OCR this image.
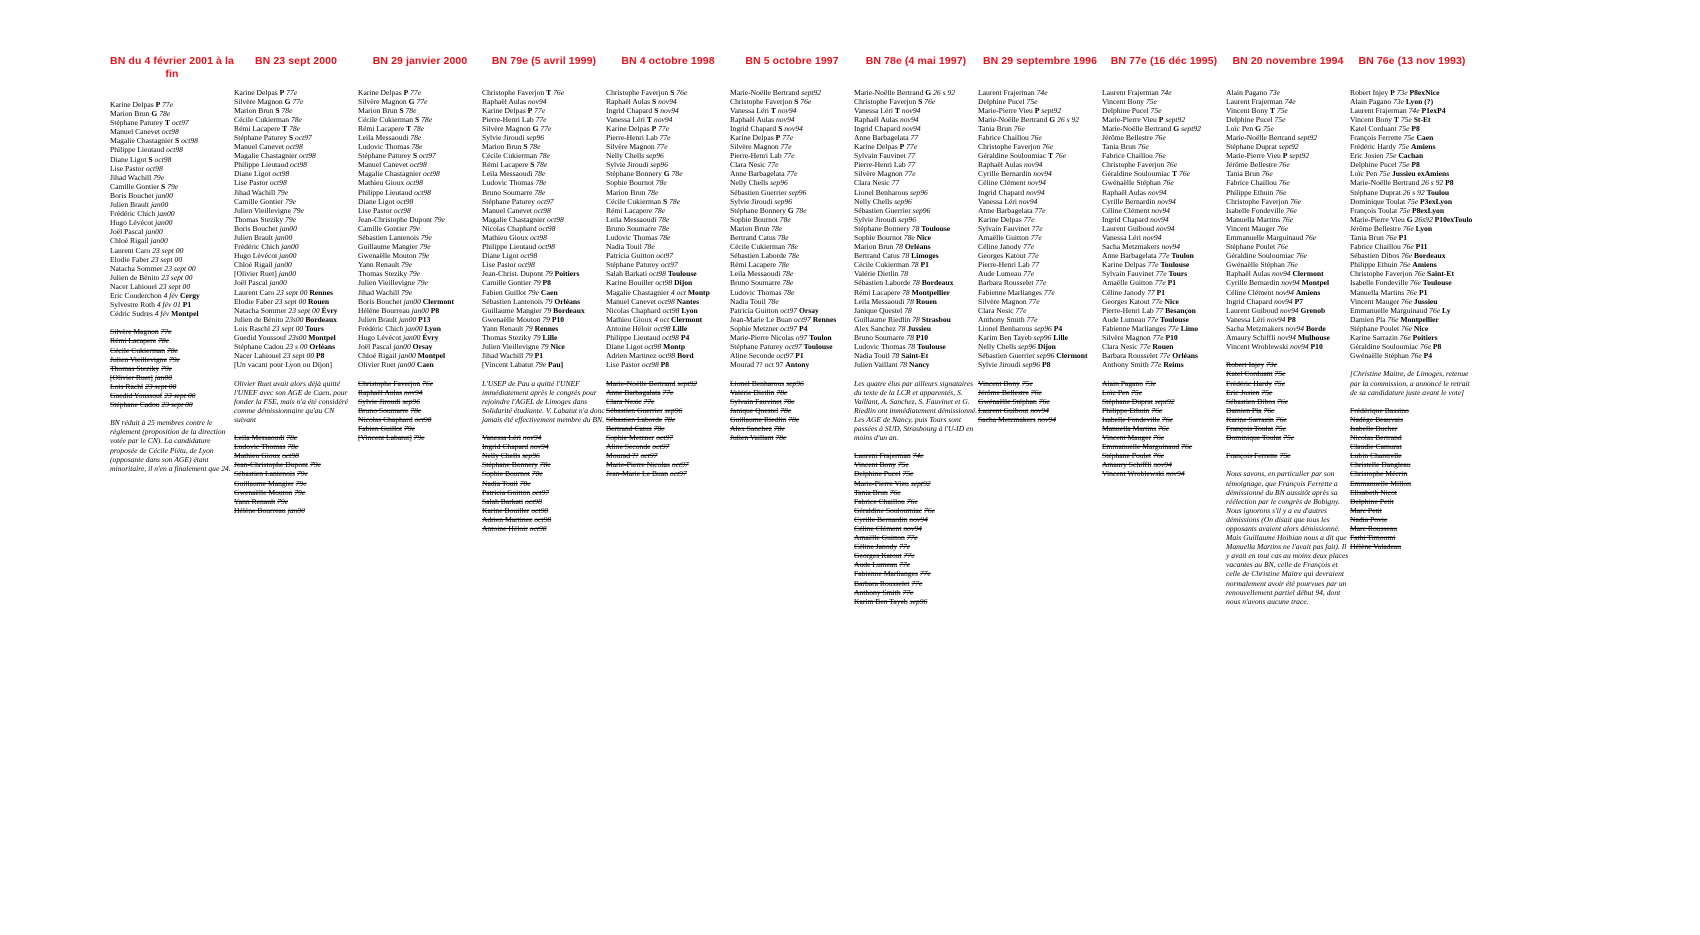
BN du 4 février 2001 à la fin
Karine Delpas P 77e
Marion Brun G 78e
Stéphane Paturey T oct97
Manuel Canevet oct98
Magalie Chastagnier S oct98
Philippe Lieutaud oct98
Diane Ligot S oct98
Lise Pastor oct98
Jihad Wachill 79e
Camille Gontier S 79e
Boris Bouchet jan00
Julien Brault jan00
Frédéric Chich jan00
Hugo Lévécot jan00
Joël Pascal jan00
Chloé Rigail jan00
Laurent Caro 23 sept 00
Elodie Faber 23 sept 00
Natacha Sommer 23 sept 00
Julien de Bénito 23 sept 00
Nacer Lahiouel 23 sept 00
Eric Couderchon 4 fév Cergy
Sylvestre Roth 4 fév 01 P1
Cédric Sudres 4 fév Montpel
Silvère Magnon 77e
Rémi Lacapere 78e
Cécile Cukierman 78e
Julien Vieillevigne 79e
Thomas Steziky 79e
[Olivier Ruet] jan00
Lois Rachl 23 sept 00
Guedid Youssouf 23 sept 00
Stéphane Cadou 23 sept 00
BN réduit à 25 membres contre le règlement (proposition de la direction votée par le CN). La candidature proposée de Cécile Piétu, de Lyon (opposante dans son AGE) étant minoritaire, il n'en a finalement que 24.
BN 23 sept 2000
Karine Delpas P 77e
Silvère Magnon G 77e
Marion Brun S 78e
Cécile Cukierman 78e
Rémi Lacapere T 78e
Stéphane Paturey S oct97
Manuel Canevet oct98
Magalie Chastagnier oct98
Philippe Lieutaud oct98
Diane Ligot oct98
Lise Pastor oct98
Jihad Wachill 79e
Camille Gontier 79e
Julien Vieillevigne 79e
Thomas Steziky 79e
Boris Bouchet jan00
Julien Brault jan00
Frédéric Chich jan00
Hugo Lévécot jan00
Chloé Rigail jan00
[Olivier Ruet] jan00
Joël Pascal jan00
Laurent Caro 23 sept 00 Rennes
Elodie Faber 23 sept 00 Rouen
Natacha Sommer 23 sept 00 Évry
Julien de Bénito 23s00 Bordeaux
Lois Raschl 23 sept 00 Tours
Guedid Youssouf 23s00 Montpel
Stéphane Cadou 23 s 00 Orléans
Nacer Lahiouel 23 sept 00 P8
[Un vacant pour Lyon ou Dijon]
Olivier Ruet avait alors déjà quitté l'UNEF avec son AGE de Caen, pour fonder la FSE, mais n'a été considéré comme démissionnaire qu'au CN suivant
Leila Messaoudi 78e
Ludovic Thomas 78e
Mathieu Gioux oct98
Jean-Christophe Dupont 79e
Sébastien Lantenois 79e
Guillaume Mangier 79e
Gwenaëlle Mouton 79e
Yann Renault 79e
Hélène Bourreau jan00
BN 29 janvier 2000
Karine Delpas P 77e
Silvère Magnon G 77e
Marion Brun S 78e
Cécile Cukierman S 78e
Rémi Lacapere T 78e
Leila Messaoudi 78e
Ludovic Thomas 78e
Stéphane Paturey S oct97
Manuel Canevet oct98
Magalie Chastagnier oct98
Mathieu Gioux oct98
Philippe Lieutaud oct98
Diane Ligot oct98
Lise Pastor oct98
Jean-Christophe Dupont 79e
Camille Gontier 79e
Sébastien Lantenois 79e
Guillaume Mangier 79e
Gwenaëlle Mouton 79e
Yann Renault 79e
Thomas Steziky 79e
Julien Vieillevigne 79e
Jihad Wachill 79e
Boris Bouchet jan00 Clermont
Hélène Bourreau jan00 P8
Julien Brault jan00 P13
Frédéric Chich jan00 Lyon
Hugo Lévécot jan00 Évry
Joël Pascal jan00 Orsay
Chloé Rigail jan00 Montpel
Olivier Ruet jan00 Caen
Christophe Faverjon 76e
Raphaël Aulas nov94
Sylvie Jiroudi sep96
Bruno Soumarre 78e
Nicolas Chaphard oct98
Fabien Guillot 79e
[Vincent Labatut] 79e
BN 79e (5 avril 1999)
Christophe Faverjon T 76e
Raphaël Aulas nov94
Karine Delpas P 77e
Pierre-Henri Lab 77e
Silvère Magnon G 77e
Sylvie Jiroudi sep96
Marion Brun S 78e
Cécile Cukierman 78e
Rémi Lacapere S 78e
Leila Messaoudi 78e
Ludovic Thomas 78e
Bruno Soumarre 78e
Stéphane Paturey oct97
Manuel Canevet oct98
Magalie Chastagnier oct98
Nicolas Chaphard oct98
Mathieu Gioux oct98
Philippe Lieutaud oct98
Diane Ligot oct98
Lise Pastor oct98
Jean-Christ. Dupont 79 Poitiers
Camille Gontier 79 P8
Fabien Guillot 79e Caen
Sébastien Lantenois 79 Orléans
Guillaume Mangier 79 Bordeaux
Gwenaëlle Mouton 79 P10
Yann Renault 79 Rennes
Thomas Steziky 79 Lille
Julien Vieillevigne 79 Nice
Jihad Wachill 79 P1
[Vincent Labatut 79e Pau]
L'USEP de Pau a quitté l'UNEF immédiatement après le congrès pour rejoindre l'AGEL de Limoges dans Solidarité étudiante. V. Labatut n'a donc jamais été effectivement membre du BN.
Vanessa Léri nov94
Ingrid Chapard nov94
Nelly Chells sep96
Stéphane Bonnery 78e
Sophie Bournot 78e
Nadia Touil 78e
Patricia Guitton oct97
Salah Barkati oct98
Karine Bouiller oct98
Adrien Martinez oct98
Antoine Héloir oct98
BN 4 octobre 1998
Christophe Faverjon S 76e
Raphaël Aulas S nov94
Ingrid Chapard S nov94
Vanessa Léri T nov94
Karine Delpas P 77e
Pierre-Henri Lab 77e
Silvère Magnon 77e
Nelly Chells sep96
Sylvie Jiroudi sep96
Stéphane Bonnery G 78e
Sophie Bournot 78e
Marion Brun 78e
Cécile Cukierman S 78e
Rémi Lacapere 78e
Leila Messaoudi 78e
Bruno Soumarre 78e
Ludovic Thomas 78e
Nadia Touil 78e
Patricia Guitton oct97
Stéphane Paturey oct97
Salah Barkati oct98 Toulouse
Karine Bouiller oct98 Dijon
Magalie Chastagnier 4 oct Montp
Manuel Canevet oct98 Nantes
Nicolas Chaphard oct98 Lyon
Mathieu Gioux 4 oct Clermont
Antoine Héloir oct98 Lille
Philippe Lieutaud oct98 P4
Diane Ligot oct98 Montp
Adrien Martinez oct98 Bord
Lise Pastor oct98 P8
Marie-Noëlle Bertrand sept92
Anne Barbagalata 77e
Clara Nesic 77e
Sébastien Guerrier sep96
Sébastien Laborde 78e
Bertrand Catus 78e
Sophie Metzner oct97
Aline Seconde oct97
Mourad ?? oct97
Marie-Pierre Nicolas oct97
Jean-Marie Le Buan oct97
BN 5 octobre 1997
Marie-Noëlle Bertrand sept92
Christophe Faverjon S 76e
Vanessa Léri T nov94
Raphaël Aulas nov94
Ingrid Chapard S nov94
Karine Delpas P 77e
Silvère Magnon 77e
Pierre-Henri Lab 77e
Clara Nesic 77e
Anne Barbagelata 77e
Nelly Chells sep96
Sébastien Guerrier sep96
Sylvie Jiroudi sep96
Stéphane Bonnery G 78e
Sophie Bournot 78e
Marion Brun 78e
Bertrand Catus 78e
Cécile Cukierman 78e
Sébastien Laborde 78e
Rémi Lacapere 78e
Leila Messaoudi 78e
Bruno Soumarre 78e
Ludovic Thomas 78e
Nadia Touil 78e
Patricia Guitton oct97 Orsay
Jean-Marie Le Buan oct97 Rennes
Sophie Metzner oct97 P4
Marie-Pierre Nicolas o97 Toulon
Stéphane Paturey oct97 Toulouse
Aline Seconde oct97 P1
Mourad ?? oct 97 Antony
Lionel Benharous sep96
Valérie Dietlin 78e
Sylvain Fauvinet 78e
Janique Questel 78e
Guillaume Riedlin 78e
Alex Sanchez 78e
Julien Vaillant 78e
BN 78e (4 mai 1997)
Marie-Noëlle Bertrand G 26 s 92
Christophe Faverjon S 76e
Vanessa Léri T nov94
Raphaël Aulas nov94
Ingrid Chapard nov94
Anne Barbagelata 77
Karine Delpas P 77e
Sylvain Fauvinet 77
Pierre-Henri Lab 77
Silvère Magnon 77e
Clara Nesic 77
Lionel Benharous sep96
Nelly Chells sep96
Sébastien Guerrier sep96
Sylvie Jiroudi sep96
Stéphane Bonnery 78 Toulouse
Sophie Bournot 78e Nice
Marion Brun 78 Orléans
Bertrand Catus 78 Limoges
Cécile Cukierman 78 P1
Valérie Dietlin 78
Sébastien Laborde 78 Bordeaux
Rémi Lacapere 78 Montpellier
Leila Messaoudi 78 Rouen
Janique Questel 78
Guillaume Riedlin 78 Strasbou
Alex Sanchez 78 Jussieu
Bruno Soumarre 78 P10
Ludovic Thomas 78 Toulouse
Nadia Touil 78 Saint-Et
Julien Vaillant 78 Nancy
Les quatre élus par ailleurs signataires du texte de la LCR et apparentés, S. Vaillant, A. Sanchez, S. Fauvinet et G. Riedlin ont immédiatement démissionné. Les AGE de Nancy, puis Tours sont passées à SUD, Strasbourg à l'U-ID en moins d'un an.
Laurent Frajerman 74e
Vincent Bony 75e
Delphine Pucel 75e
Marie-Pierre Vieu sept92
Tania Brun 76e
Fabrice Chaillou 76e
Géraldine Souloumiac 76e
Cyrille Bernardin nov94
Céline Clément nov94
Amaëlle Guitton 77e
Céline Janody 77e
Georges Katout 77e
Aude Lumeau 77e
Fabienne Marlianges 77e
Barbara Rousselet 77e
Anthony Smith 77e
Karim Ben Tayeb sep96
BN 29 septembre 1996
Laurent Frajerman 74e
Delphine Pucel 75e
Marie-Pierre Vieu P sept92
Marie-Noëlle Bertrand G 26 s 92
Tania Brun 76e
Fabrice Chaillou 76e
Christophe Faverjon 76e
Géraldine Souloumiac T 76e
Raphaël Aulas nov94
Cyrille Bernardin nov94
Céline Clément nov94
Ingrid Chapard nov94
Vanessa Léri nov94
Anne Barbagelata 77e
Karine Delpas 77e
Sylvain Fauvinet 77e
Amaëlle Guitton 77e
Céline Janody 77e
Georges Katout 77e
Pierre-Henri Lab 77
Aude Lumeau 77e
Barbara Rousselet 77e
Fabienne Marlianges 77e
Silvère Magnon 77e
Clara Nesic 77e
Anthony Smith 77e
Lionel Benharous sep96 P4
Karim Ben Tayeb sep96 Lille
Nelly Chells sep96 Dijon
Sébastien Guerrier sep96 Clermont
Sylvie Jiroudi sep96 P8
Vincent Bony 75e
Jérôme Bellestre 76e
Gwénaëlle Stéphan 76e
Laurent Guibout nov94
Sacha Metzmakers nov94
BN 77e (16 déc 1995)
Laurent Frajerman 74e
Vincent Bony 75e
Delphine Pucel 75e
Marie-Pierre Vieu P sept92
Marie-Noëlle Bertrand G sept92
Jérôme Bellestre 76e
Tania Brun 76e
Fabrice Chaillou 76e
Christophe Faverjon 76e
Géraldine Souloumiac T 76e
Gwénaëlle Stéphan 76e
Raphaël Aulas nov94
Cyrille Bernardin nov94
Céline Clément nov94
Ingrid Chapard nov94
Laurent Guiboud nov94
Vanessa Léri nov94
Sacha Metzmakers nov94
Anne Barbagelata 77e Toulon
Karine Delpas 77e Toulouse
Sylvain Fauvinet 77e Tours
Amaëlle Guitton 77e P1
Céline Janody 77 P1
Georges Katout 77e Nice
Pierre-Henri Lab 77 Besançon
Aude Lumeau 77e Toulouse
Fabienne Marlianges 77e Limo
Silvère Magnon 77e P10
Clara Nesic 77e Rouen
Barbara Rousselet 77e Orléans
Anthony Smith 77e Reims
Alain Pagano 73e
Loïc Pen 75e
Stéphane Duprat sept92
Philippe Ethuin 76e
Isabelle Fondeville 76e
Manuella Martins 76e
Vincent Mauger 76e
Emmanuelle Marguinaud 76e
Stéphane Poulet 76e
Amaury Schiffli nov94
Vincent Wroblewski nov94
BN 20 novembre 1994
Alain Pagano 73e
Laurent Frajerman 74e
Vincent Bony T 75e
Delphine Pucel 75e
Loïc Pen G 75e
Marie-Noëlle Bertrand sept92
Stéphane Duprat sept92
Marie-Pierre Vieu P sept92
Jérôme Bellestre 76e
Tania Brun 76e
Fabrice Chaillou 76e
Philippe Ethuin 76e
Christophe Faverjon 76e
Isabelle Fondeville 76e
Manuella Martins 76e
Vincent Mauger 76e
Emmanuelle Marguinaud 76e
Stéphane Poulet 76e
Géraldine Souloumiac 76e
Gwénaëlle Stéphan 76e
Raphaël Aulas nov94 Clermont
Cyrille Bernardin nov94 Montpel
Céline Clément nov94 Amiens
Ingrid Chapard nov94 P7
Laurent Guiboud nov94 Grenob
Vanessa Léri nov94 P8
Sacha Metzmakers nov94 Borde
Amaury Schiffli nov94 Mulhouse
Vincent Wroblewski nov94 P10
Robert Injey 73e
Katel Corduant 75e
Frédéric Hardy 75e
Eric Josien 75e
Sébastien Dibos 76e
Damien Pla 76e
Karine Sarrazin 76e
François Toulat 75e
Dominique Toulat 75e
François Ferrette 75e
Nous savons, en particulier par son témoignage, que François Ferrette a démissionné du BN aussitôt après sa réélection par le congrès de Bobigny. Nous ignorons s'il y a eu d'autres démissions (On disait que tous les opposants avaient alors démissionné. Mais Guillaume Hoibian nous a dit que Manuella Martins ne l'avait pas fait). Il y avait en tout cas au moins deux places vacantes au BN, celle de François et celle de Christine Maitre qui devraient normalement avoir été pourvues par un renouvellement partiel début 94, dont nous n'avons aucune trace.
BN 76e (13 nov 1993)
Robert Injey P 73e P8exNice
Alain Pagano 73e Lyon (?)
Laurent Frajerman 74e P1exP4
Vincent Bony T 75e St-Et
Katel Corduant 75e P8
François Ferrette 75e Caen
Frédéric Hardy 75e Amiens
Eric Josien 75e Cachan
Delphine Pucel 75e P8
Loïc Pen 75e Jussieu exAmiens
Marie-Noëlle Bertrand 26 s 92 P8
Stéphane Duprat 26 s 92 Toulou
Dominique Toulat 75e P3exLyon
François Toulat 75e P8exLyon
Marie-Pierre Vieu G 26s92 P10exToulo
Jérôme Bellestre 76e Lyon
Tania Brun 76e P1
Fabrice Chaillou 76e P11
Sébastien Dibos 76e Bordeaux
Philippe Ethuin 76e Amiens
Christophe Faverjon 76e Saint-Et
Isabelle Fondeville 76e Toulouse
Manuella Martins 76e P1
Vincent Mauger 76e Jussieu
Emmanuelle Marguinaud 76e Ly
Damien Pla 76e Montpellier
Stéphane Poulet 76e Nice
Karine Sarrazin 76e Poitiers
Géraldine Souloumiac 76e P8
Gwénaëlle Stéphan 76e P4
[Christine Maitre, de Limoges, retenue par la commission, a annoncé le retrait de sa candidature juste avant le vote]
Frédérique Bassino
Nadège Beauvais
Isabelle Bucher
Nicolas Bertrand
Claudie Camurat
Lubin Chantrelle
Christelle Dangleau
Christophe Mécrin
Emmanuelle Millon
Elisabeth Nicot
Delphine Petit
Marc Petit
Nadia Povie
Marc Rousseau
Fathi Timoumi
Hélène Valadeau
